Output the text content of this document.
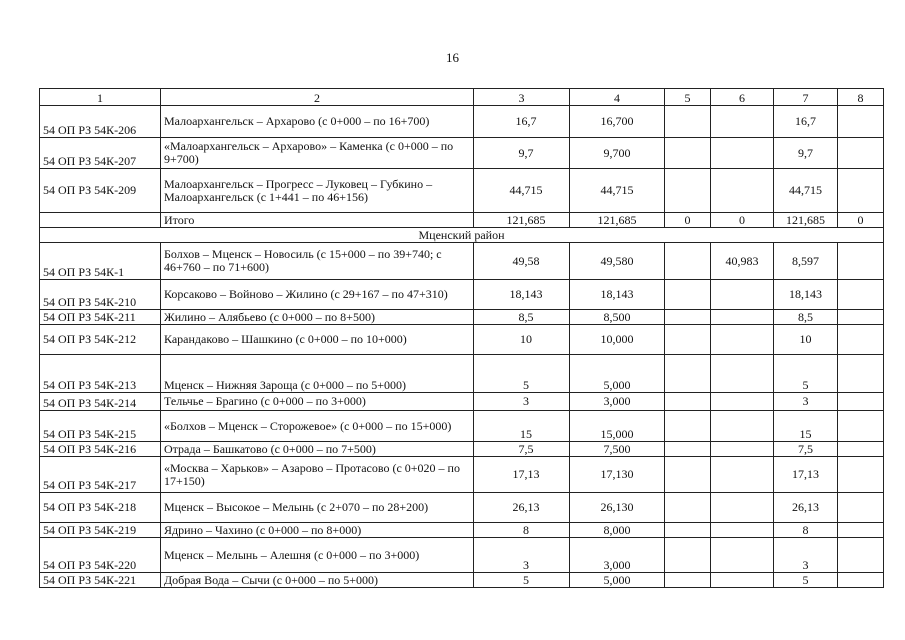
16
1	2	3	4	5	6	7	8
54 ОП РЗ 54К-206	Малоархангельск – Архарово (с 0+000 – по 16+700)	16,7	16,700			16,7	
54 ОП РЗ 54К-207	«Малоархангельск – Архарово» – Каменка (с 0+000 – по 9+700)	9,7	9,700			9,7	
54 ОП РЗ 54К-209	Малоархангельск – Прогресс – Луковец – Губкино – Малоархангельск (с 1+441 – по 46+156)	44,715	44,715			44,715	
	Итого	121,685	121,685	0	0	121,685	0
Мценский район							
54 ОП РЗ 54К-1	Болхов – Мценск – Новосиль (с 15+000 – по 39+740; с 46+760 – по 71+600)	49,58	49,580		40,983	8,597	
54 ОП РЗ 54К-210	Корсаково – Войново – Жилино (с 29+167 – по 47+310)	18,143	18,143			18,143	
54 ОП РЗ 54К-211	Жилино – Алябьево (с 0+000 – по 8+500)	8,5	8,500			8,5	
54 ОП РЗ 54К-212	Карандаково – Шашкино (с 0+000 – по 10+000)	10	10,000			10	
54 ОП РЗ 54К-213	Мценск – Нижняя Зароща (с 0+000 – по 5+000)	5	5,000			5	
54 ОП РЗ 54К-214	Тельчье – Брагино (с 0+000 – по 3+000)	3	3,000			3	
54 ОП РЗ 54К-215	«Болхов – Мценск – Сторожевое» (с 0+000 – по 15+000)	15	15,000			15	
54 ОП РЗ 54К-216	Отрада – Башкатово (с 0+000 – по 7+500)	7,5	7,500			7,5	
54 ОП РЗ 54К-217	«Москва – Харьков» – Азарово – Протасово (с 0+020 – по 17+150)	17,13	17,130			17,13	
54 ОП РЗ 54К-218	Мценск – Высокое – Мелынь (с 2+070 – по 28+200)	26,13	26,130			26,13	
54 ОП РЗ 54К-219	Ядрино – Чахино (с 0+000 – по 8+000)	8	8,000			8	
54 ОП РЗ 54К-220	Мценск – Мелынь – Алешня (с 0+000 – по 3+000)	3	3,000			3	
54 ОП РЗ 54К-221	Добрая Вода – Сычи (с 0+000 – по 5+000)	5	5,000			5	
